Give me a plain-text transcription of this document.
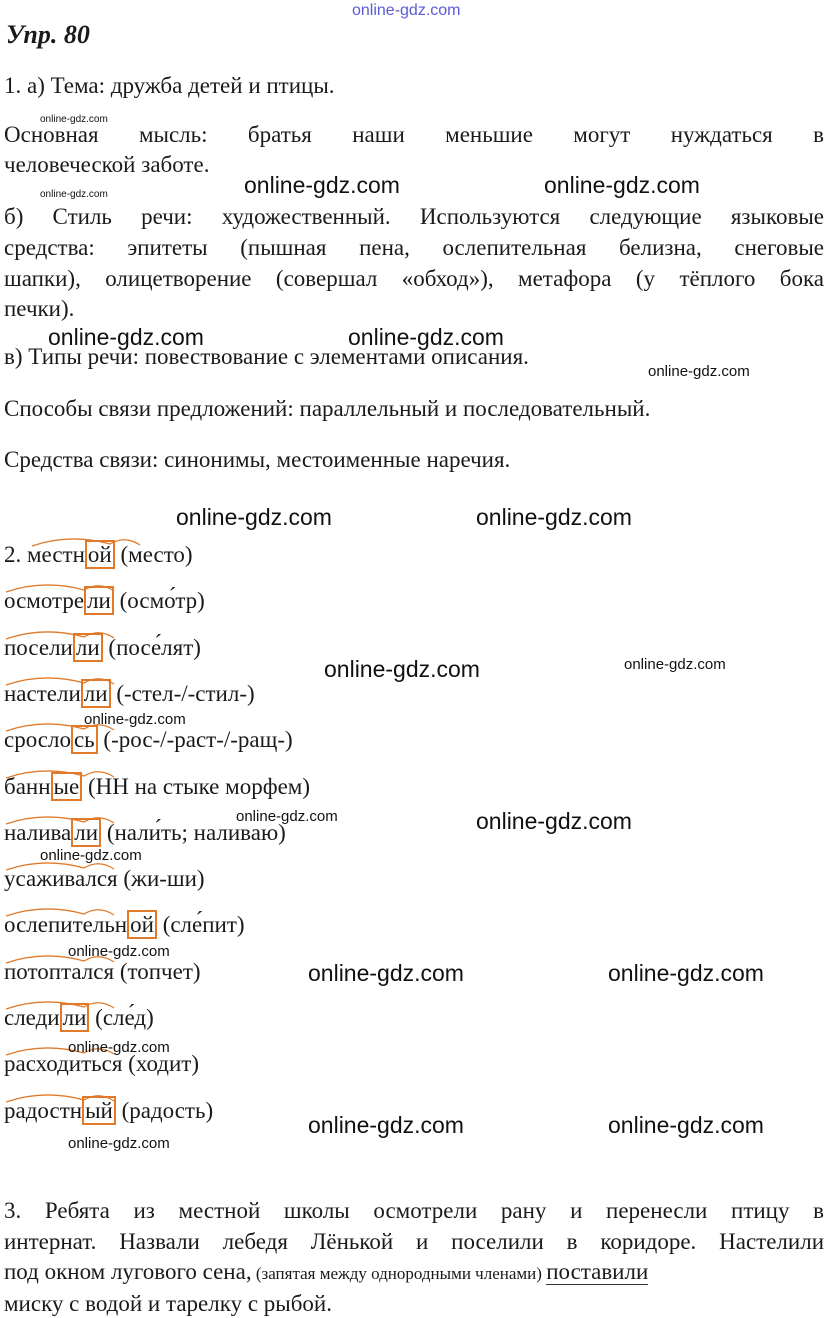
online-gdz.com
Упр. 80
1. а) Тема: дружба детей и птицы.
Основная мысль: братья наши меньшие могут нуждаться в
человеческой заботе.
б) Стиль речи: художественный. Используются следующие языковые
средства: эпитеты (пышная пена, ослепительная белизна, снеговые
шапки), олицетворение (совершал «обход»), метафора (у тёплого бока
печки).
в) Типы речи: повествование с элементами описания.
Способы связи предложений: параллельный и последовательный.
Средства связи: синонимы, местоименные наречия.
2. местн ой (место)
осмотре ли (осмо́тр)
посели ли (посе́лят)
настели ли (-стел-/-стил-)
сросло сь (-рос-/-раст-/-ращ-)
банн ые (НН на стыке морфем)
налива ли (нали́ть; наливаю)
усаживался (жи-ши)
ослепительн ой (сле́пит)
потоптался (топчет)
следи ли (сле́д)
расходиться (ходит)
радостн ый (радость)
3. Ребята из местной школы осмотрели рану и перенесли птицу в
интернат. Назвали лебедя Лёнькой и поселили в коридоре. Настелили
под окном лугового сена, (запятая между однородными членами) поставили
миску с водой и тарелку с рыбой.
online-gdz.com
online-gdz.com	online-gdz.com
online-gdz.com
online-gdz.com	online-gdz.com
online-gdz.com
online-gdz.com	online-gdz.com
online-gdz.com	online-gdz.com
online-gdz.com
online-gdz.com	online-gdz.com
online-gdz.com
online-gdz.com
online-gdz.com	online-gdz.com
online-gdz.com
online-gdz.com	online-gdz.com
online-gdz.com
